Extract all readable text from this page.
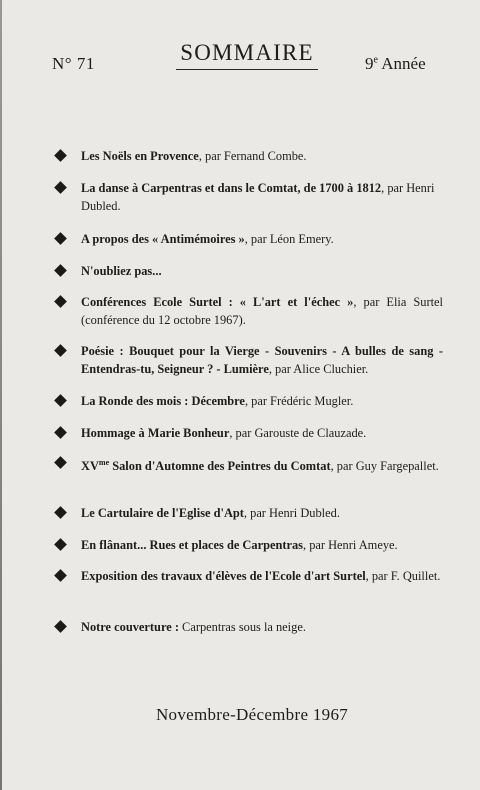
N° 71	SOMMAIRE	9e Année
Les Noëls en Provence, par Fernand Combe.
La danse à Carpentras et dans le Comtat, de 1700 à 1812, par Henri Dubled.
A propos des « Antimémoires », par Léon Emery.
N'oubliez pas...
Conférences Ecole Surtel : « L'art et l'échec », par Elia Surtel (conférence du 12 octobre 1967).
Poésie : Bouquet pour la Vierge - Souvenirs - A bulles de sang - Entendras-tu, Seigneur ? - Lumière, par Alice Cluchier.
La Ronde des mois : Décembre, par Frédéric Mugler.
Hommage à Marie Bonheur, par Garouste de Clauzade.
$XV^{me}$ Salon d'Automne des Peintres du Comtat, par Guy Fargepallet.
Le Cartulaire de l'Eglise d'Apt, par Henri Dubled.
En flânant... Rues et places de Carpentras, par Henri Ameye.
Exposition des travaux d'élèves de l'Ecole d'art Surtel, par F. Quillet.
Notre couverture : Carpentras sous la neige.
Novembre-Décembre 1967
